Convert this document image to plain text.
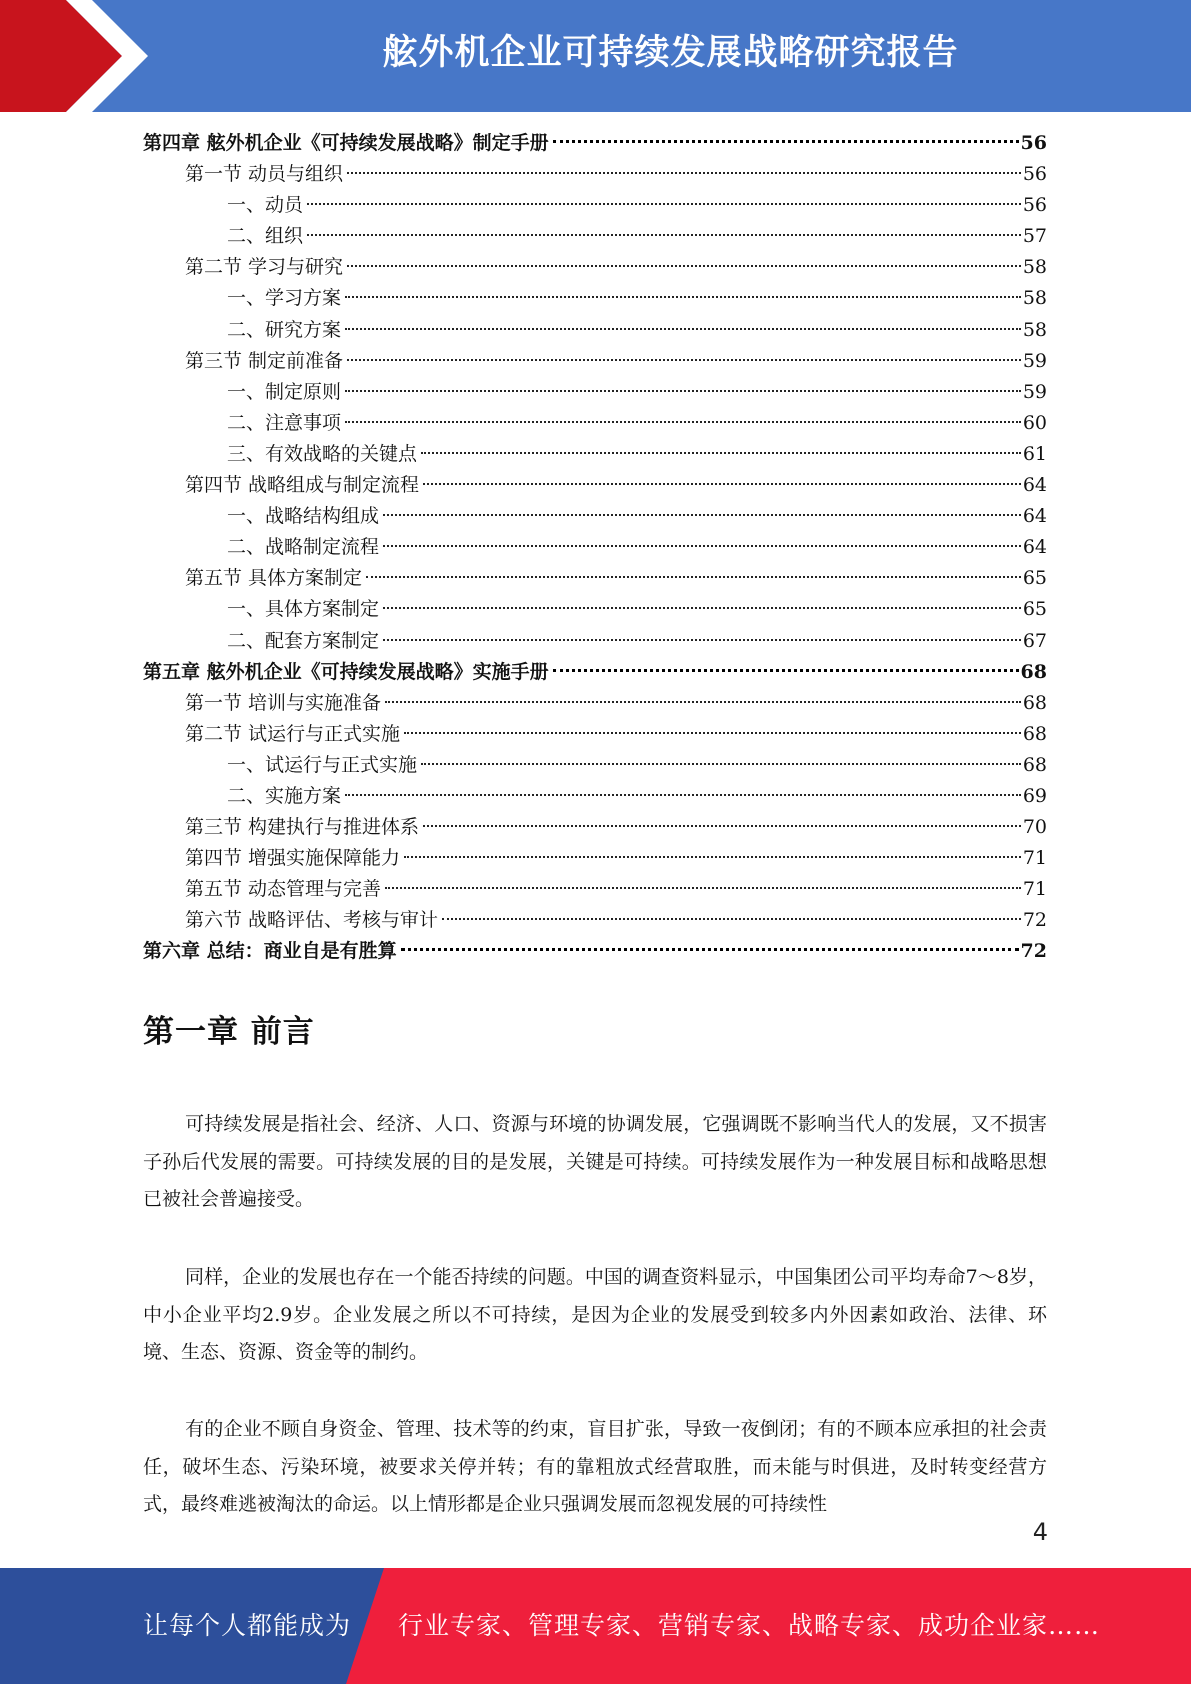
舷外机企业可持续发展战略研究报告
第四章 舷外机企业《可持续发展战略》制定手册	56
第一节 动员与组织	56
一、动员	56
二、组织	57
第二节 学习与研究	58
一、学习方案	58
二、研究方案	58
第三节 制定前准备	59
一、制定原则	59
二、注意事项	60
三、有效战略的关键点	61
第四节 战略组成与制定流程	64
一、战略结构组成	64
二、战略制定流程	64
第五节 具体方案制定	65
一、具体方案制定	65
二、配套方案制定	67
第五章 舷外机企业《可持续发展战略》实施手册	68
第一节 培训与实施准备	68
第二节 试运行与正式实施	68
一、试运行与正式实施	68
二、实施方案	69
第三节 构建执行与推进体系	70
第四节 增强实施保障能力	71
第五节 动态管理与完善	71
第六节 战略评估、考核与审计	72
第六章 总结：商业自是有胜算	72
第一章 前言

可持续发展是指社会、经济、人口、资源与环境的协调发展，它强调既不影响当代人的发展，又不损害子孙后代发展的需要。可持续发展的目的是发展，关键是可持续。可持续发展作为一种发展目标和战略思想已被社会普遍接受。

同样，企业的发展也存在一个能否持续的问题。中国的调查资料显示，中国集团公司平均寿命7～8岁，中小企业平均2.9岁。企业发展之所以不可持续，是因为企业的发展受到较多内外因素如政治、法律、环境、生态、资源、资金等的制约。

有的企业不顾自身资金、管理、技术等的约束，盲目扩张，导致一夜倒闭；有的不顾本应承担的社会责任，破坏生态、污染环境，被要求关停并转；有的靠粗放式经营取胜，而未能与时俱进，及时转变经营方式，最终难逃被淘汰的命运。以上情形都是企业只强调发展而忽视发展的可持续性

4
让每个人都能成为 行业专家、管理专家、营销专家、战略专家、成功企业家……
